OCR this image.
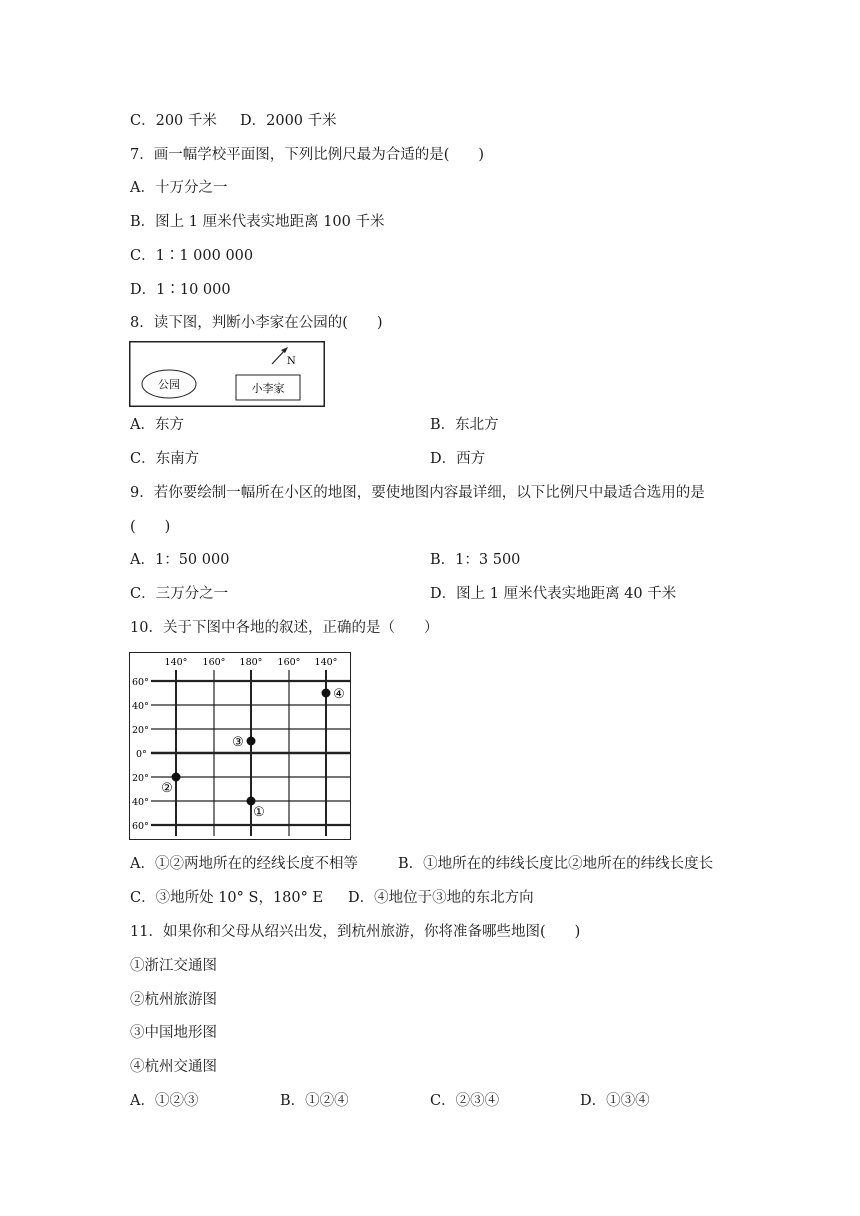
C．200 千米 D．2000 千米
7．画一幅学校平面图，下列比例尺最为合适的是(　　)
A．十万分之一
B．图上 1 厘米代表实地距离 100 千米
C．1∶1 000 000
D．1∶10 000
8．读下图，判断小李家在公园的(　　)
公园	小李家
N
A．东方	B．东北方
C．东南方	D．西方
9．若你要绘制一幅所在小区的地图，要使地图内容最详细，以下比例尺中最适合选用的是
(　　)
A．1：50 000	B．1：3 500
C．三万分之一	D．图上 1 厘米代表实地距离 40 千米
10．关于下图中各地的叙述，正确的是（　　）
140° 160° 180° 160° 140°
60°
40°
20°
0°
20°
40°
60°
①
②
③
④
A．①②两地所在的经线长度不相等	B．①地所在的纬线长度比②地所在的纬线长度长
C．③地所处 10° S，180° E D．④地位于③地的东北方向
11．如果你和父母从绍兴出发，到杭州旅游，你将准备哪些地图(　　)
①浙江交通图
②杭州旅游图
③中国地形图
④杭州交通图
A．①②③	B．①②④	C．②③④	D．①③④
